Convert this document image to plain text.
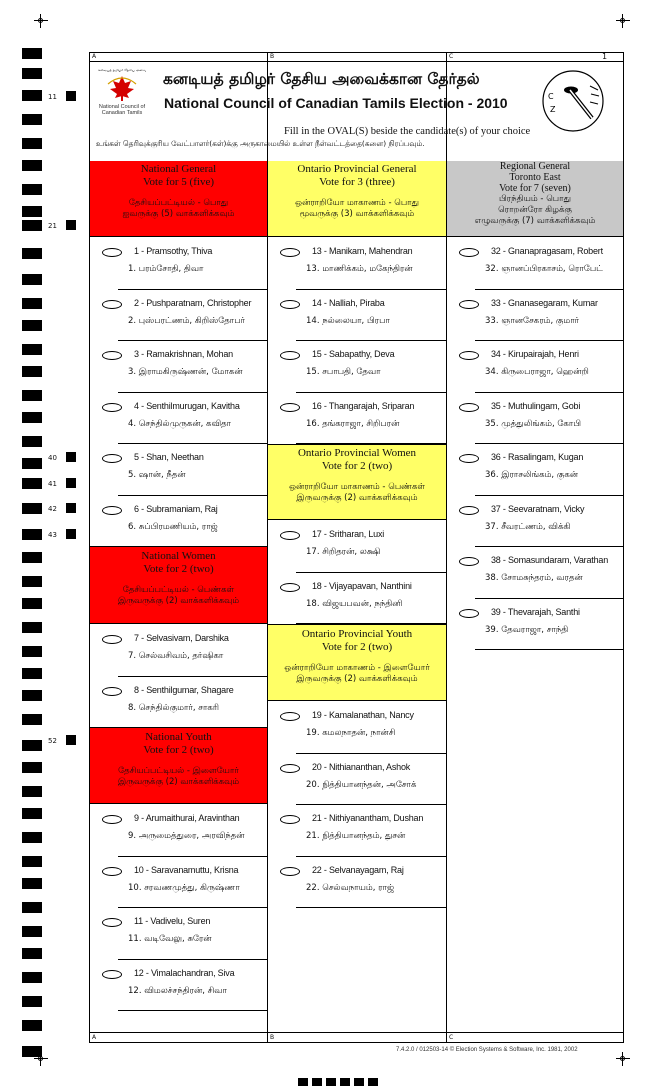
11
21
40
41
42
43
52
A	B	C
A	B	C
1
கனடியத் தமிழர் தேசிய அவை
National Council of Canadian Tamils
கனடியத் தமிழர் தேசிய அவைக்கான தேர்தல்
National Council of Canadian Tamils Election - 2010	C
Z
Fill in the OVAL(S) beside the candidate(s) of your choice
உங்கள் தெரிவுக்குரிய வேட்பாளர்(கள்)க்கு அருகாமையில் உள்ள நீள்வட்டத்தை(களை) நிரப்பவும்.
National General
Vote for 5 (five)
தேசியப்பட்டியல் - பொது
ஐவருக்கு (5) வாக்களிக்கவும்
1 - Pramsothy, Thiva
1. பரம்சோதி, திவா
2 - Pushparatnam, Christopher
2. புஸ்பரட்ணம், கிறிஸ்தோபர்
3 - Ramakrishnan, Mohan
3. இராமகிருஷ்ணன், மோகன்
4 - Senthilmurugan, Kavitha
4. செந்தில்முருகன், கவிதா
5 - Shan, Neethan
5. ஷான், நீதன்
6 - Subramaniam, Raj
6. சுப்பிரமணியம், ராஜ்
National Women
Vote for 2 (two)
தேசியப்பட்டியல் - பெண்கள்
இருவருக்கு (2) வாக்களிக்கவும்
7 - Selvasivam, Darshika
7. செல்வசிவம், தர்ஷிகா
8 - Senthilgumar, Shagare
8. செந்தில்குமார், சாகரி
National Youth
Vote for 2 (two)
தேசியப்பட்டியல் - இளையோர்
இருவருக்கு (2) வாக்களிக்கவும்
9 - Arumaithurai, Aravinthan
9. அருமைத்துரை, அரவிந்தன்
10 - Saravanamuttu, Krisna
10. சரவணமுத்து, கிருஷ்ணா
11 - Vadivelu, Suren
11. வடிவேலு, சுரேன்
12 - Vimalachandran, Siva
12. விமலச்சந்திரன், சிவா
Ontario Provincial General
Vote for 3 (three)
ஒன்ராறியோ மாகாணம் - பொது
மூவருக்கு (3) வாக்களிக்கவும்
13 - Manikam, Mahendran
13. மாணிக்கம், மகேந்திரன்
14 - Nalliah, Piraba
14. நல்லையா, பிரபா
15 - Sabapathy, Deva
15. சபாபதி, தேவா
16 - Thangarajah, Sriparan
16. தங்கராஜா, சிறிபரன்
Ontario Provincial Women
Vote for 2 (two)
ஒன்ராறியோ மாகாணம் - பெண்கள்
இருவருக்கு (2) வாக்களிக்கவும்
17 - Sritharan, Luxi
17. சிறிதரன், லக்ஷி
18 - Vijayapavan, Nanthini
18. விஜயபவன், நந்தினி
Ontario Provincial Youth
Vote for 2 (two)
ஒன்ராறியோ மாகாணம் - இளையோர்
இருவருக்கு (2) வாக்களிக்கவும்
19 - Kamalanathan, Nancy
19. கமலநாதன், நான்சி
20 - Nithiananthan, Ashok
20. நித்தியானந்தன், அசோக்
21 - Nithiyanantham, Dushan
21. நித்தியானந்தம், துசன்
22 - Selvanayagam, Raj
22. செல்வநாயம், ராஜ்
Regional General
Toronto East
Vote for 7 (seven)
பிரந்தியம் - பொது
ரொறன்ரோ கிழக்கு
எழுவருக்கு (7) வாக்களிக்கவும்
32 - Gnanapragasam, Robert
32. ஞானப்பிரகாசம், ரொபேட்
33 - Gnanasegaram, Kumar
33. ஞானசேகரம், குமார்
34 - Kirupairajah, Henri
34. கிருபைராஜா, ஹென்றி
35 - Muthulingam, Gobi
35. முத்துலிங்கம், கோபி
36 - Rasalingam, Kugan
36. இராசலிங்கம், குகன்
37 - Seevaratnam, Vicky
37. சீவரட்ணம், விக்கி
38 - Somasundaram, Varathan
38. சோமசுந்தரம், வரதன்
39 - Thevarajah, Santhi
39. தேவராஜா, சாந்தி
7.4.2.0 / 012503-14 © Election Systems & Software, Inc. 1981, 2002
